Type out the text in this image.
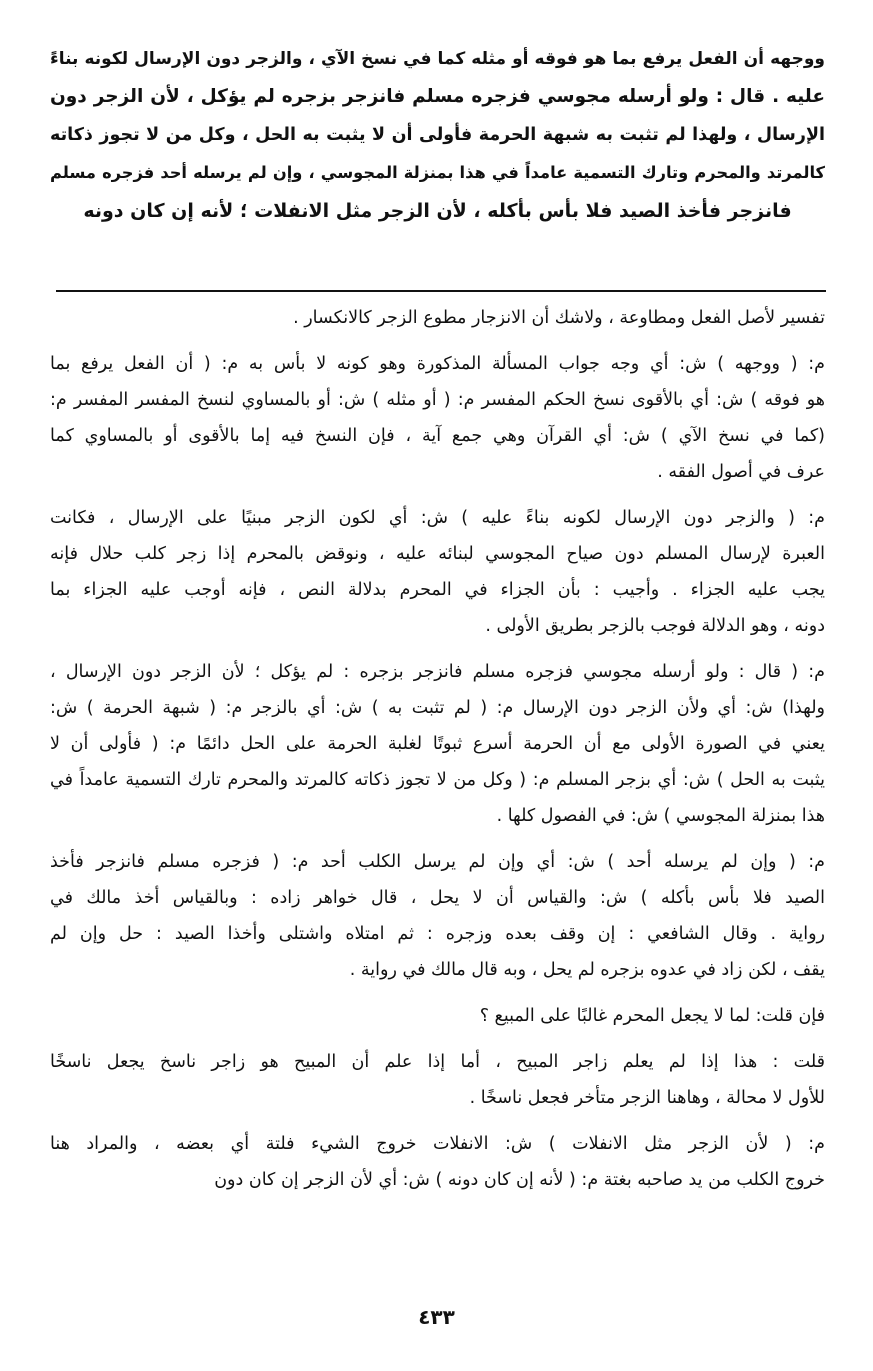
ووجهه أن الفعل يرفع بما هو فوقه أو مثله كما في نسخ الآي ، والزجر دون الإرسال لكونه بناءً
عليه . قال : ولو أرسله مجوسي فزجره مسلم فانزجر بزجره لم يؤكل ، لأن الزجر دون
الإرسال ، ولهذا لم تثبت به شبهة الحرمة فأولى أن لا يثبت به الحل ، وكل من لا تجوز ذكاته
كالمرتد والمحرم وتارك التسمية عامداً في هذا بمنزلة المجوسي ، وإن لم يرسله أحد فزجره مسلم
فانزجر فأخذ الصيد فلا بأس بأكله ، لأن الزجر مثل الانفلات ؛ لأنه إن كان دونه
تفسير لأصل الفعل ومطاوعة ، ولاشك أن الانزجار مطوع الزجر كالانكسار .
م: ( ووجهه ) ش: أي وجه جواب المسألة المذكورة وهو كونه لا بأس به م: ( أن الفعل يرفع بما
هو فوقه ) ش: أي بالأقوى نسخ الحكم المفسر م: ( أو مثله ) ش: أو بالمساوي لنسخ المفسر المفسر م:
(كما في نسخ الآي ) ش: أي القرآن وهي جمع آية ، فإن النسخ فيه إما بالأقوى أو بالمساوي كما
عرف في أصول الفقه .
م: ( والزجر دون الإرسال لكونه بناءً عليه ) ش: أي لكون الزجر مبنيًا على الإرسال ، فكانت
العبرة لإرسال المسلم دون صياح المجوسي لبنائه عليه ، ونوقض بالمحرم إذا زجر كلب حلال فإنه
يجب عليه الجزاء . وأجيب : بأن الجزاء في المحرم بدلالة النص ، فإنه أوجب عليه الجزاء بما
دونه ، وهو الدلالة فوجب بالزجر بطريق الأولى .
م: ( قال : ولو أرسله مجوسي فزجره مسلم فانزجر بزجره : لم يؤكل ؛ لأن الزجر دون الإرسال ،
ولهذا) ش: أي ولأن الزجر دون الإرسال م: ( لم تثبت به ) ش: أي بالزجر م: ( شبهة الحرمة ) ش:
يعني في الصورة الأولى مع أن الحرمة أسرع ثبوتًا لغلبة الحرمة على الحل دائمًا م: ( فأولى أن لا
يثبت به الحل ) ش: أي بزجر المسلم م: ( وكل من لا تجوز ذكاته كالمرتد والمحرم تارك التسمية عامداً في
هذا بمنزلة المجوسي ) ش: في الفصول كلها .
م: ( وإن لم يرسله أحد ) ش: أي وإن لم يرسل الكلب أحد م: ( فزجره مسلم فانزجر فأخذ
الصيد فلا بأس بأكله ) ش: والقياس أن لا يحل ، قال خواهر زاده : وبالقياس أخذ مالك في
رواية . وقال الشافعي : إن وقف بعده وزجره : ثم امتلاه واشتلى وأخذا الصيد : حل وإن لم
يقف ، لكن زاد في عدوه بزجره لم يحل ، وبه قال مالك في رواية .
فإن قلت: لما لا يجعل المحرم غالبًا على المبيع ؟
قلت : هذا إذا لم يعلم زاجر المبيح ، أما إذا علم أن المبيح هو زاجر ناسخ يجعل ناسخًا
للأول لا محالة ، وهاهنا الزجر متأخر فجعل ناسخًا .
م: ( لأن الزجر مثل الانفلات ) ش: الانفلات خروج الشيء فلتة أي بعضه ، والمراد هنا
خروج الكلب من يد صاحبه بغتة م: ( لأنه إن كان دونه ) ش: أي لأن الزجر إن كان دون
٤٣٣
